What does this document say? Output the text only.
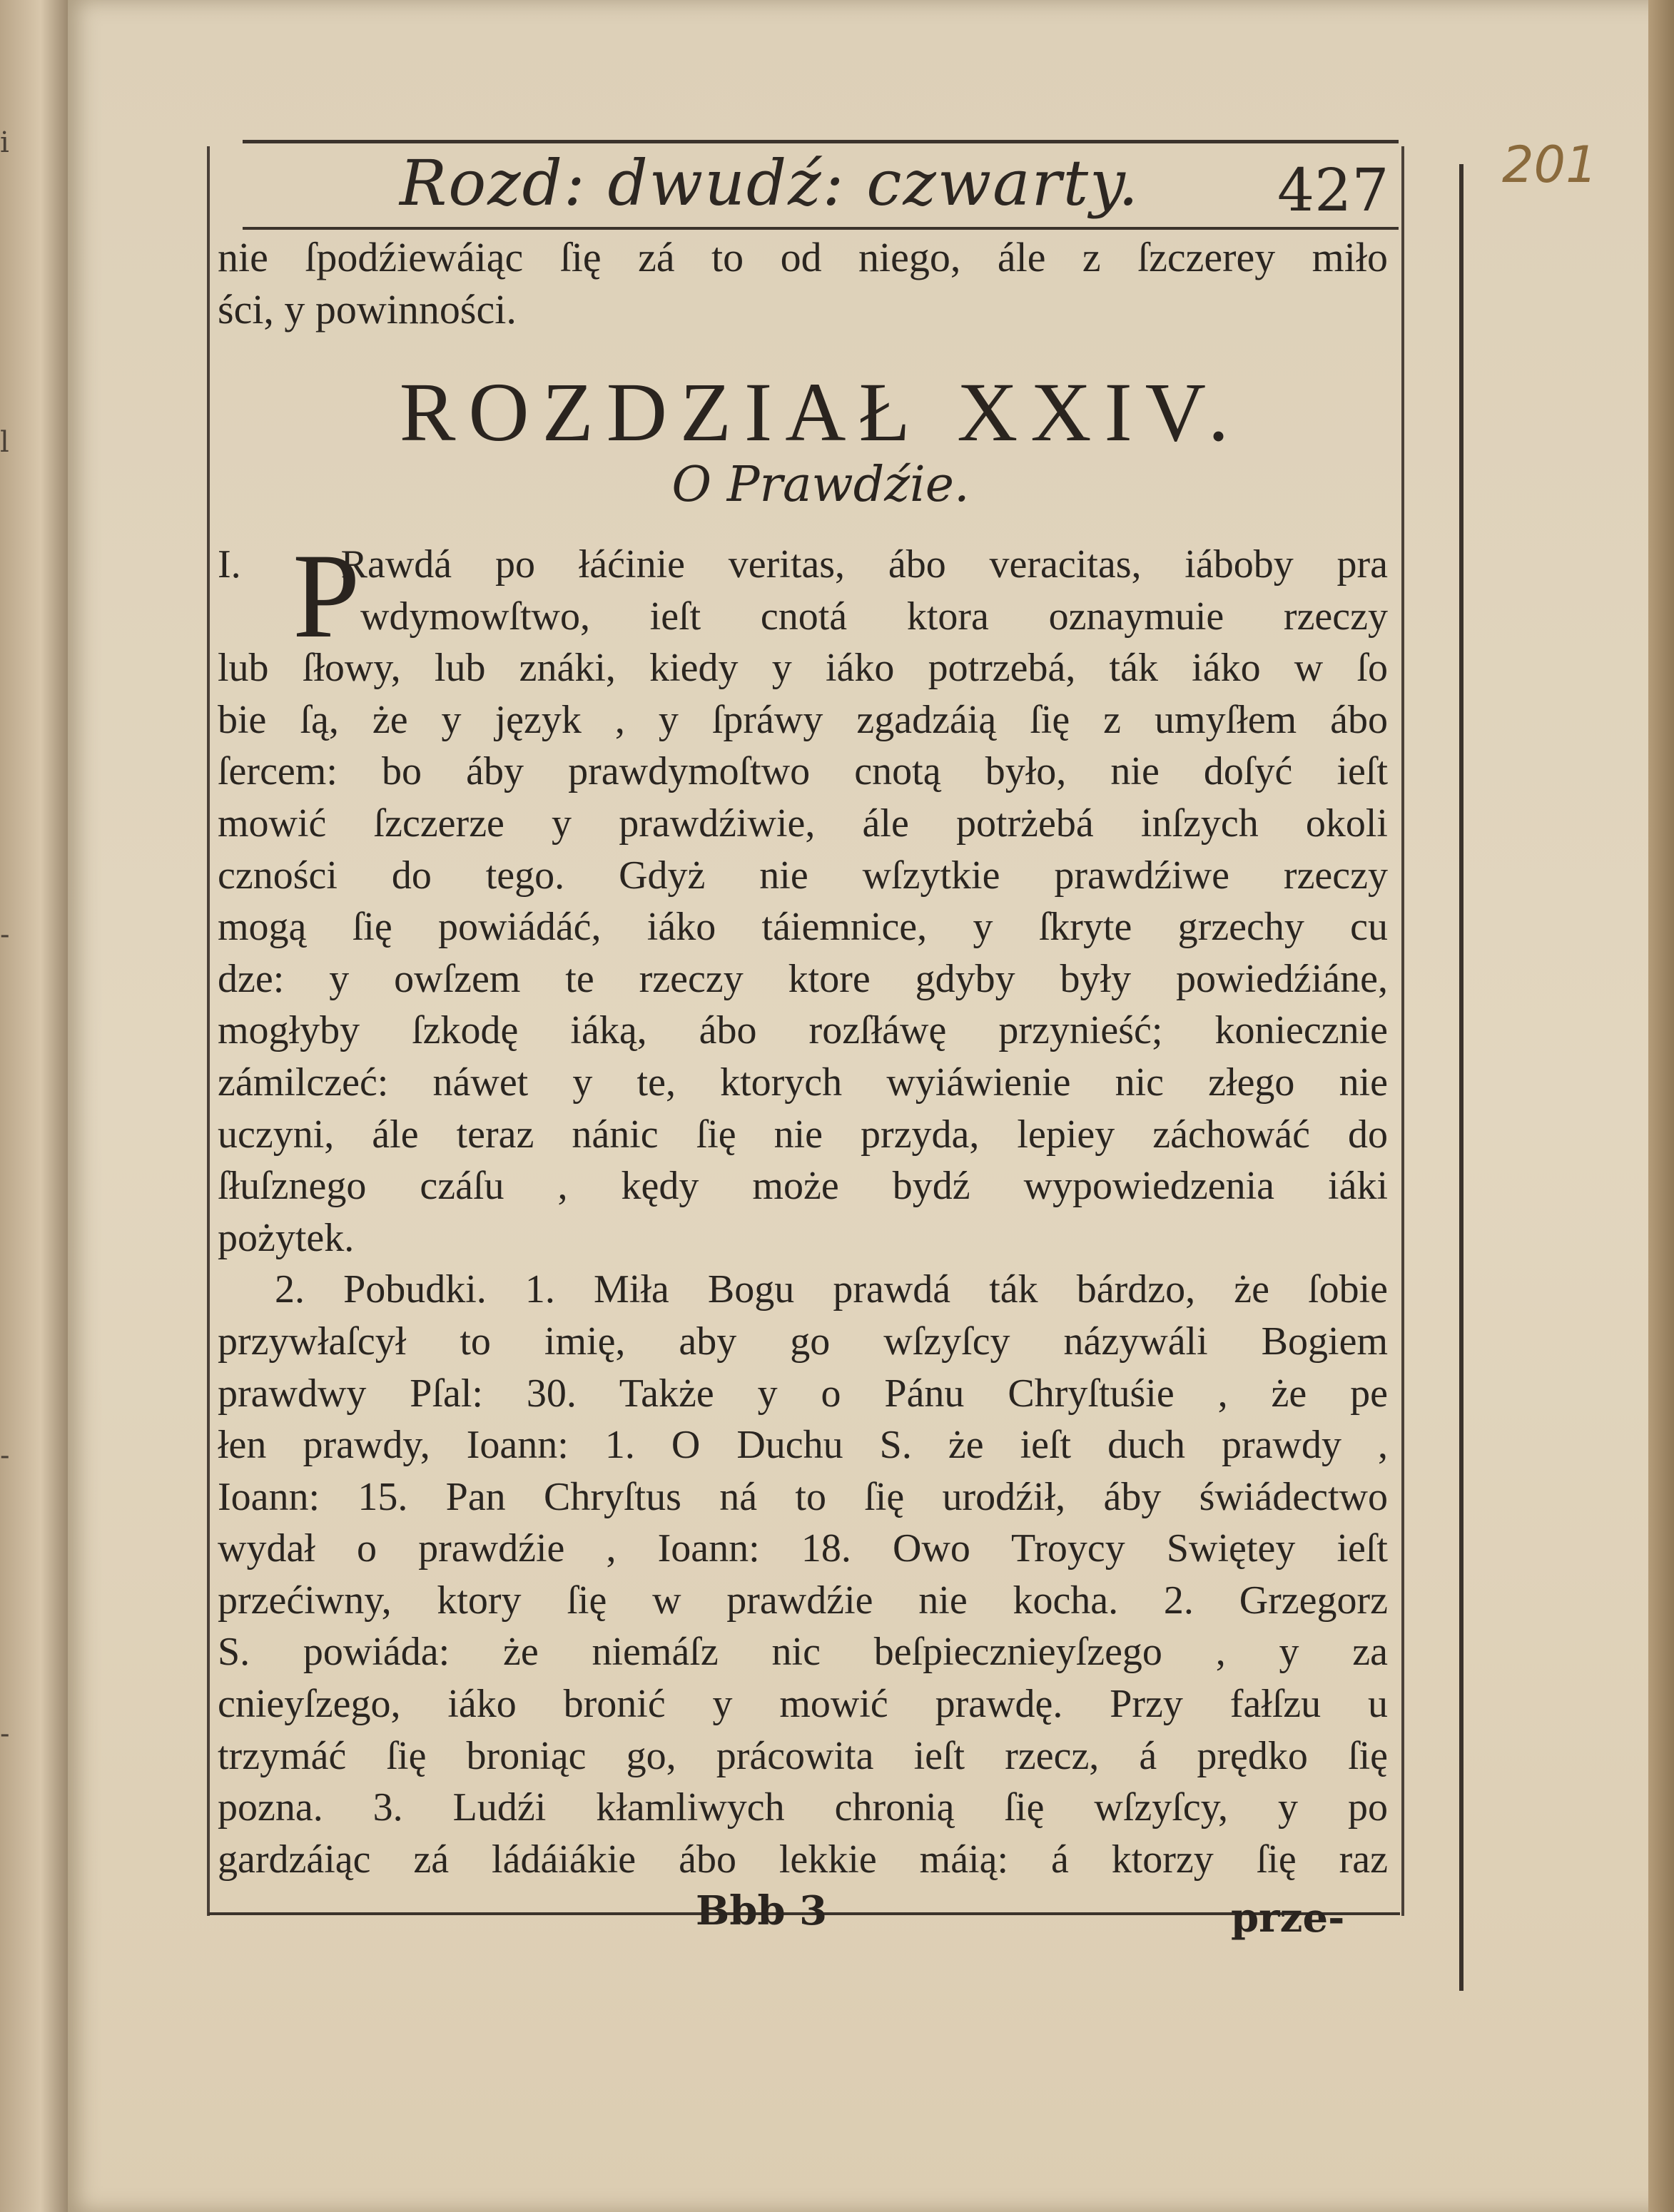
i
l
-
-
-
201
Rozd: dwudź: czwarty. 427
nie ſpodźiewáiąc ſię zá to od niego, ále z ſzczerey miło
ści, y powinności.
ROZDZIAŁ XXIV.
O Prawdźie.
I.	Rawdá po łáćinie veritas, ábo veracitas, iáboby pra
wdymowſtwo, ieſt cnotá ktora oznaymuie rzeczy
lub ſłowy, lub znáki, kiedy y iáko potrzebá, ták iáko w ſo
bie ſą, że y język , y ſpráwy zgadzáią ſię z umyſłem ábo
ſercem: bo áby prawdymoſtwo cnotą było, nie doſyć ieſt
mowić ſzczerze y prawdźiwie, ále potrżebá inſzych okoli
czności do tego. Gdyż nie wſzytkie prawdźiwe rzeczy
mogą ſię powiádáć, iáko táiemnice, y ſkryte grzechy cu
dze: y owſzem te rzeczy ktore gdyby były powiedźiáne,
mogłyby ſzkodę iáką, ábo rozſłáwę przynieść; koniecznie
zámilczeć: náwet y te, ktorych wyiáwienie nic złego nie
uczyni, ále teraz nánic ſię nie przyda, lepiey záchowáć do
ſłuſznego czáſu , kędy może bydź wypowiedzenia iáki
pożytek.
2. Pobudki. 1. Miła Bogu prawdá ták bárdzo, że ſobie
przywłaſcył to imię, aby go wſzyſcy názywáli Bogiem
prawdwy Pſal: 30. Także y o Pánu Chryſtuśie , że pe
łen prawdy, Ioann: 1. O Duchu S. że ieſt duch prawdy ,
Ioann: 15. Pan Chryſtus ná to ſię urodźił, áby świádectwo
wydał o prawdźie , Ioann: 18. Owo Troycy Swiętey ieſt
przećiwny, ktory ſię w prawdźie nie kocha. 2. Grzegorz
S. powiáda: że niemáſz nic beſpiecznieyſzego , y za
cnieyſzego, iáko bronić y mowić prawdę. Przy fałſzu u
trzymáć ſię broniąc go, prácowita ieſt rzecz, á prędko ſię
pozna. 3. Ludźi kłamliwych chronią ſię wſzyſcy, y po
gardzáiąc zá ládáiákie ábo lekkie máią: á ktorzy ſię raz
P
Bbb 3	prze-
